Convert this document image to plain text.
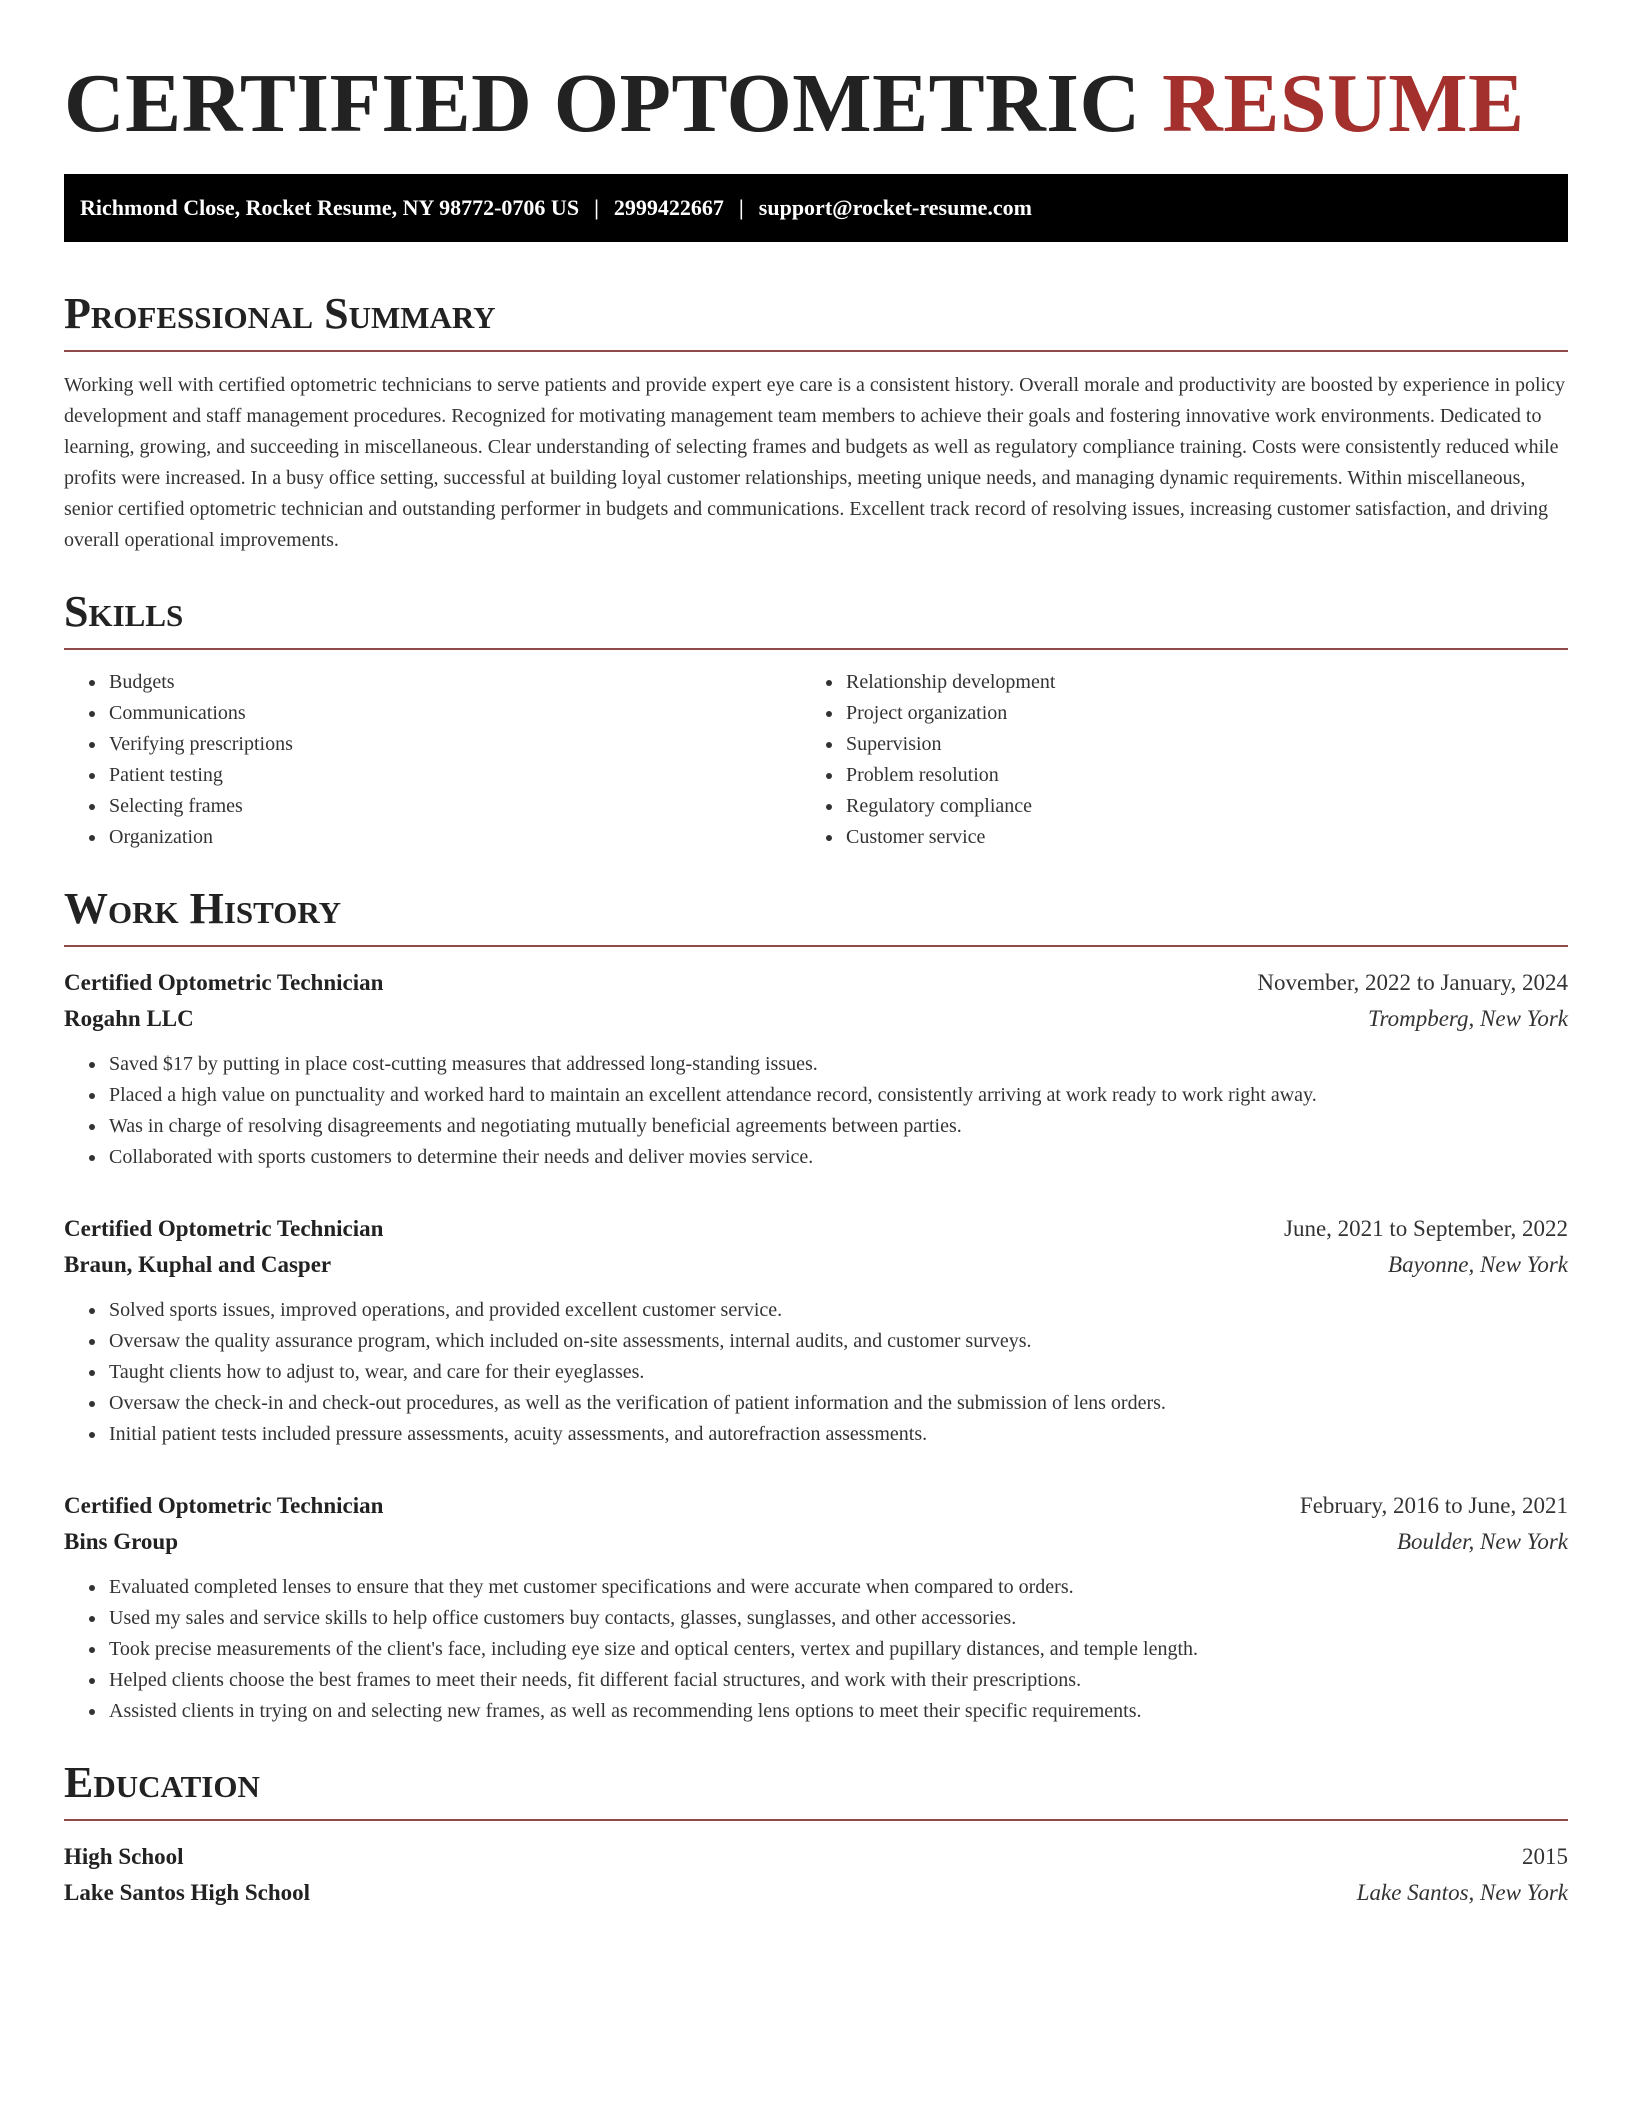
CERTIFIED OPTOMETRIC RESUME
Richmond Close, Rocket Resume, NY 98772-0706 US | 2999422667 | support@rocket-resume.com
Professional Summary

Working well with certified optometric technicians to serve patients and provide expert eye care is a consistent history. Overall morale and productivity are boosted by experience in policy development and staff management procedures. Recognized for motivating management team members to achieve their goals and fostering innovative work environments. Dedicated to learning, growing, and succeeding in miscellaneous. Clear understanding of selecting frames and budgets as well as regulatory compliance training. Costs were consistently reduced while profits were increased. In a busy office setting, successful at building loyal customer relationships, meeting unique needs, and managing dynamic requirements. Within miscellaneous, senior certified optometric technician and outstanding performer in budgets and communications. Excellent track record of resolving issues, increasing customer satisfaction, and driving overall operational improvements.

Skills
• Budgets
• Communications
• Verifying prescriptions
• Patient testing
• Selecting frames
• Organization
• Relationship development
• Project organization
• Supervision
• Problem resolution
• Regulatory compliance
• Customer service
Work History
Certified Optometric Technician	November, 2022 to January, 2024
Rogahn LLC	Trompberg, New York
• Saved $17 by putting in place cost-cutting measures that addressed long-standing issues.
• Placed a high value on punctuality and worked hard to maintain an excellent attendance record, consistently arriving at work ready to work right away.
• Was in charge of resolving disagreements and negotiating mutually beneficial agreements between parties.
• Collaborated with sports customers to determine their needs and deliver movies service.
Certified Optometric Technician	June, 2021 to September, 2022
Braun, Kuphal and Casper	Bayonne, New York
• Solved sports issues, improved operations, and provided excellent customer service.
• Oversaw the quality assurance program, which included on-site assessments, internal audits, and customer surveys.
• Taught clients how to adjust to, wear, and care for their eyeglasses.
• Oversaw the check-in and check-out procedures, as well as the verification of patient information and the submission of lens orders.
• Initial patient tests included pressure assessments, acuity assessments, and autorefraction assessments.
Certified Optometric Technician	February, 2016 to June, 2021
Bins Group	Boulder, New York
• Evaluated completed lenses to ensure that they met customer specifications and were accurate when compared to orders.
• Used my sales and service skills to help office customers buy contacts, glasses, sunglasses, and other accessories.
• Took precise measurements of the client's face, including eye size and optical centers, vertex and pupillary distances, and temple length.
• Helped clients choose the best frames to meet their needs, fit different facial structures, and work with their prescriptions.
• Assisted clients in trying on and selecting new frames, as well as recommending lens options to meet their specific requirements.
Education
High School	2015
Lake Santos High School	Lake Santos, New York
